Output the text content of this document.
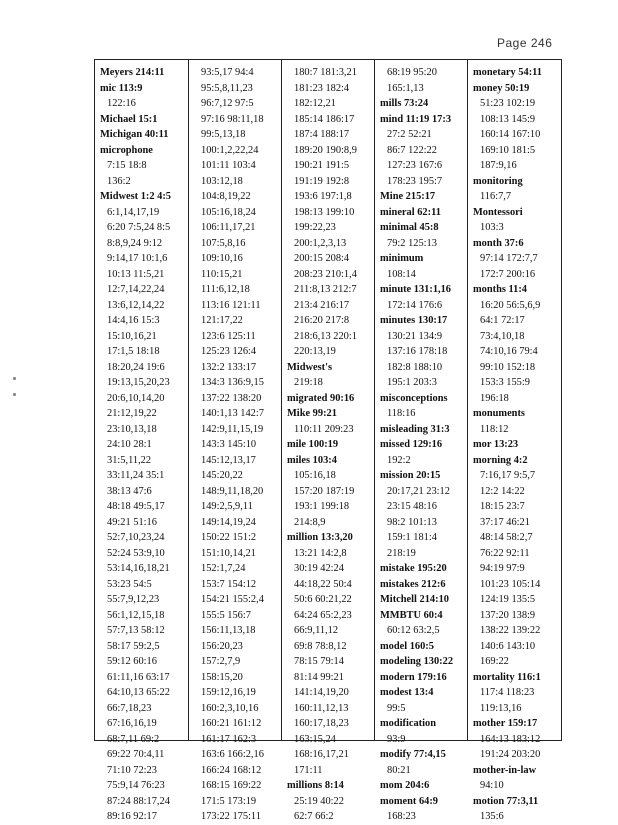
Page 246
Meyers 214:11
mic 113:9
122:16
Michael 15:1
Michigan 40:11
microphone
7:15 18:8
136:2
Midwest 1:2 4:5
6:1,14,17,19
6:20 7:5,24 8:5
8:8,9,24 9:12
9:14,17 10:1,6
10:13 11:5,21
12:7,14,22,24
13:6,12,14,22
14:4,16 15:3
15:10,16,21
17:1,5 18:18
18:20,24 19:6
19:13,15,20,23
20:6,10,14,20
21:12,19,22
23:10,13,18
24:10 28:1
31:5,11,22
33:11,24 35:1
38:13 47:6
48:18 49:5,17
49:21 51:16
52:7,10,23,24
52:24 53:9,10
53:14,16,18,21
53:23 54:5
55:7,9,12,23
56:1,12,15,18
57:7,13 58:12
58:17 59:2,5
59:12 60:16
61:11,16 63:17
64:10,13 65:22
66:7,18,23
67:16,16,19
68:7,11 69:2
69:22 70:4,11
71:10 72:23
75:9,14 76:23
87:24 88:17,24
89:16 92:17
93:5,17 94:4
95:5,8,11,23
96:7,12 97:5
97:16 98:11,18
99:5,13,18
100:1,2,22,24
101:11 103:4
103:12,18
104:8,19,22
105:16,18,24
106:11,17,21
107:5,8,16
109:10,16
110:15,21
111:6,12,18
113:16 121:11
121:17,22
123:6 125:11
125:23 126:4
132:2 133:17
134:3 136:9,15
137:22 138:20
140:1,13 142:7
142:9,11,15,19
143:3 145:10
145:12,13,17
145:20,22
148:9,11,18,20
149:2,5,9,11
149:14,19,24
150:22 151:2
151:10,14,21
152:1,7,24
153:7 154:12
154:21 155:2,4
155:5 156:7
156:11,13,18
156:20,23
157:2,7,9
158:15,20
159:12,16,19
160:2,3,10,16
160:21 161:12
161:17 162:3
163:6 166:2,16
166:24 168:12
168:15 169:22
171:5 173:19
173:22 175:11
180:7 181:3,21
181:23 182:4
182:12,21
185:14 186:17
187:4 188:17
189:20 190:8,9
190:21 191:5
191:19 192:8
193:6 197:1,8
198:13 199:10
199:22,23
200:1,2,3,13
200:15 208:4
208:23 210:1,4
211:8,13 212:7
213:4 216:17
216:20 217:8
218:6,13 220:1
220:13,19
Midwest's
219:18
migrated 90:16
Mike 99:21
110:11 209:23
mile 100:19
miles 103:4
105:16,18
157:20 187:19
193:1 199:18
214:8,9
million 13:3,20
13:21 14:2,8
30:19 42:24
44:18,22 50:4
50:6 60:21,22
64:24 65:2,23
66:9,11,12
69:8 78:8,12
78:15 79:14
81:14 99:21
141:14,19,20
160:11,12,13
160:17,18,23
163:15,24
168:16,17,21
171:11
millions 8:14
25:19 40:22
62:7 66:2
68:19 95:20
165:1,13
mills 73:24
mind 11:19 17:3
27:2 52:21
86:7 122:22
127:23 167:6
178:23 195:7
Mine 215:17
mineral 62:11
minimal 45:8
79:2 125:13
minimum
108:14
minute 131:1,16
172:14 176:6
minutes 130:17
130:21 134:9
137:16 178:18
182:8 188:10
195:1 203:3
misconceptions
118:16
misleading 31:3
missed 129:16
192:2
mission 20:15
20:17,21 23:12
23:15 48:16
98:2 101:13
159:1 181:4
218:19
mistake 195:20
mistakes 212:6
Mitchell 214:10
MMBTU 60:4
60:12 63:2,5
model 160:5
modeling 130:22
modern 179:16
modest 13:4
99:5
modification
93:9
modify 77:4,15
80:21
mom 204:6
moment 64:9
168:23
monetary 54:11
money 50:19
51:23 102:19
108:13 145:9
160:14 167:10
169:10 181:5
187:9,16
monitoring
116:7,7
Montessori
103:3
month 37:6
97:14 172:7,7
172:7 200:16
months 11:4
16:20 56:5,6,9
64:1 72:17
73:4,10,18
74:10,16 79:4
99:10 152:18
153:3 155:9
196:18
monuments
118:12
mor 13:23
morning 4:2
7:16,17 9:5,7
12:2 14:22
18:15 23:7
37:17 46:21
48:14 58:2,7
76:22 92:11
94:19 97:9
101:23 105:14
124:19 135:5
137:20 138:9
138:22 139:22
140:6 143:10
169:22
mortality 116:1
117:4 118:23
119:13,16
mother 159:17
164:13 183:12
191:24 203:20
mother-in-law
94:10
motion 77:3,11
135:6
